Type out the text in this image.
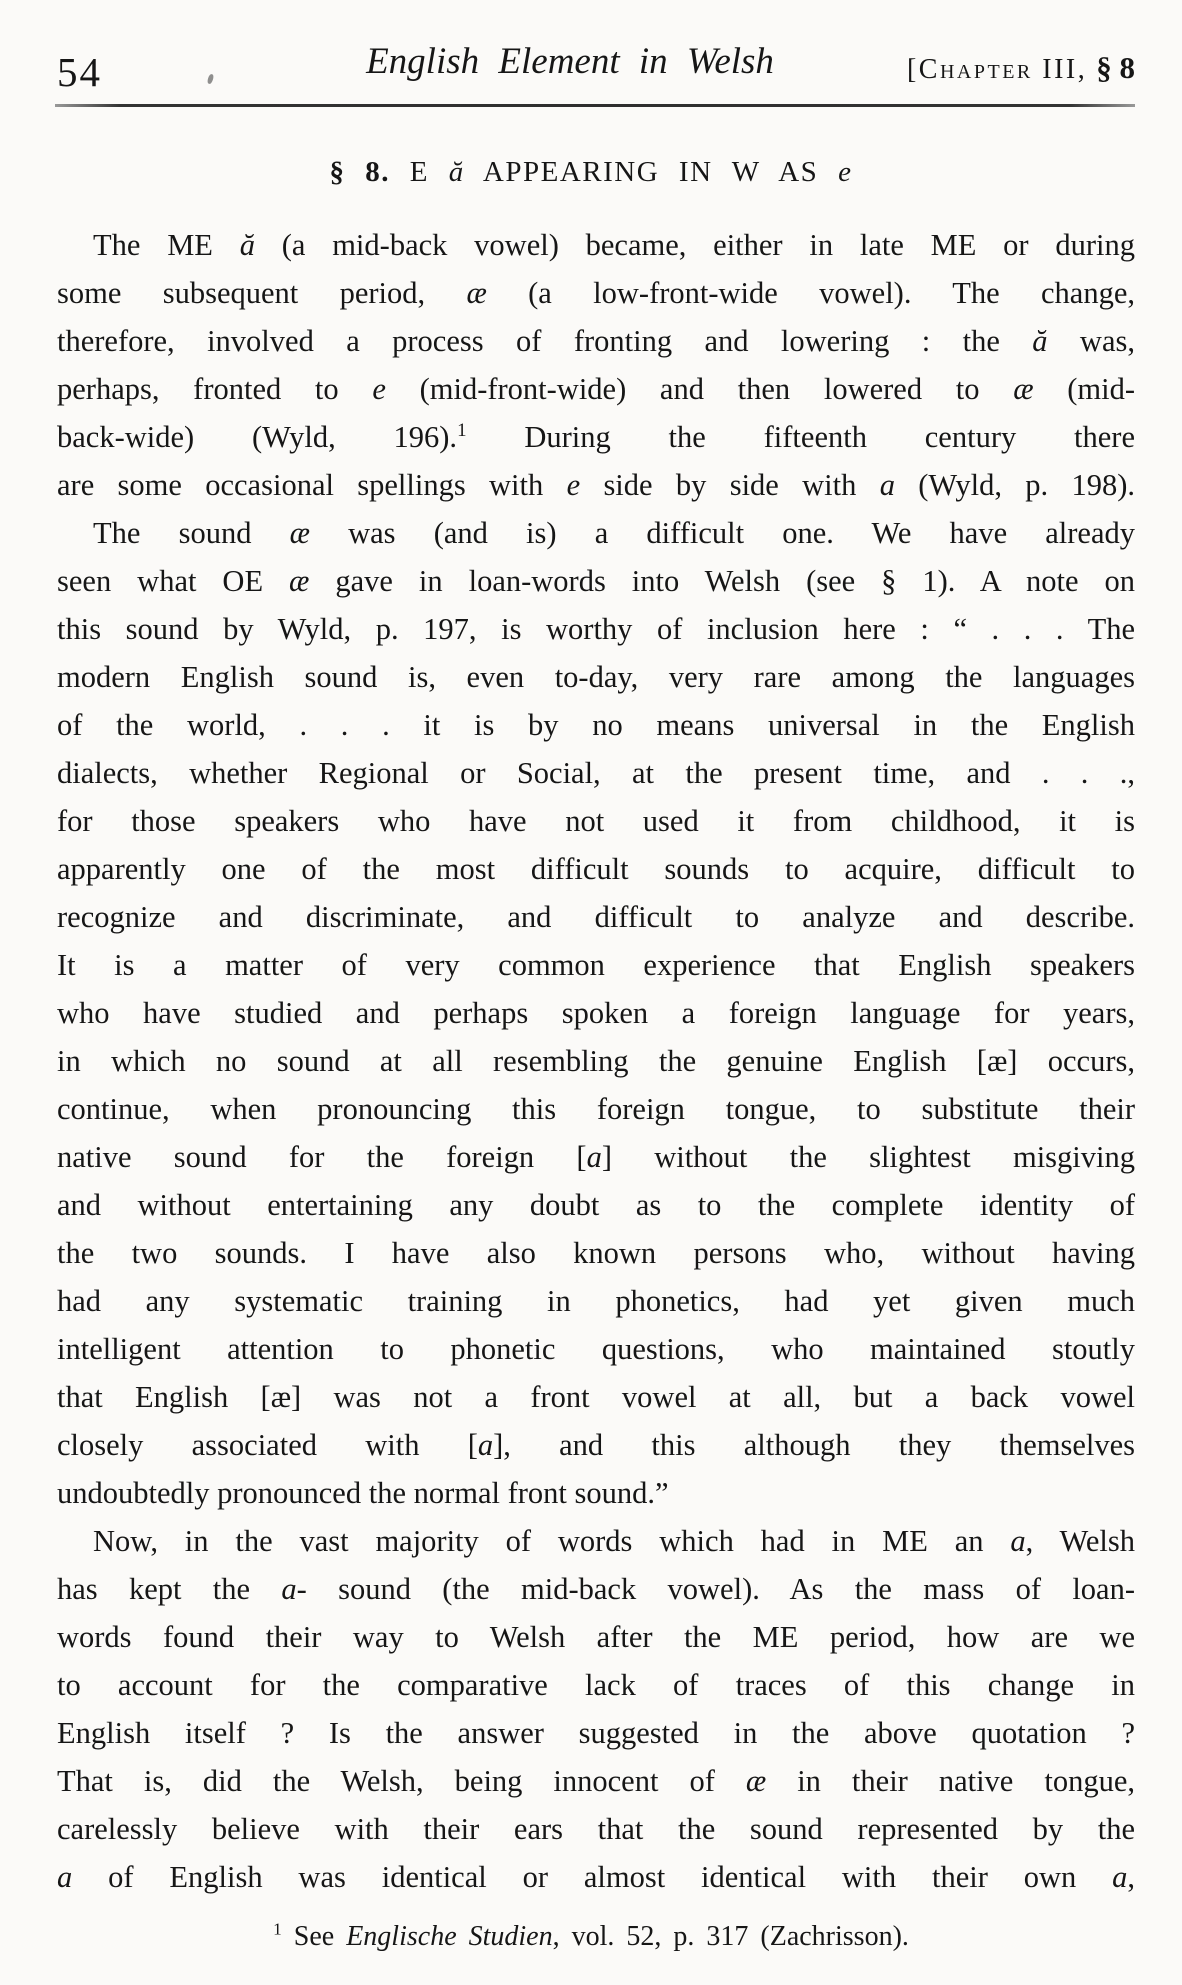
54	English Element in Welsh	[Chapter III, § 8
§ 8. E ă APPEARING IN W AS e
The ME ă (a mid-back vowel) became, either in late ME or during
some subsequent period, æ (a low-front-wide vowel). The change,
therefore, involved a process of fronting and lowering : the ă was,
perhaps, fronted to e (mid-front-wide) and then lowered to æ (mid-
back-wide) (Wyld, 196).$^1$ During the fifteenth century there
are some occasional spellings with e side by side with a (Wyld, p. 198).
The sound æ was (and is) a difficult one. We have already
seen what OE æ gave in loan-words into Welsh (see § 1). A note on
this sound by Wyld, p. 197, is worthy of inclusion here : “ . . . The
modern English sound is, even to-day, very rare among the languages
of the world, . . . it is by no means universal in the English
dialects, whether Regional or Social, at the present time, and . . .,
for those speakers who have not used it from childhood, it is
apparently one of the most difficult sounds to acquire, difficult to
recognize and discriminate, and difficult to analyze and describe.
It is a matter of very common experience that English speakers
who have studied and perhaps spoken a foreign language for years,
in which no sound at all resembling the genuine English [æ] occurs,
continue, when pronouncing this foreign tongue, to substitute their
native sound for the foreign [a] without the slightest misgiving
and without entertaining any doubt as to the complete identity of
the two sounds. I have also known persons who, without having
had any systematic training in phonetics, had yet given much
intelligent attention to phonetic questions, who maintained stoutly
that English [æ] was not a front vowel at all, but a back vowel
closely associated with [a], and this although they themselves
undoubtedly pronounced the normal front sound.”
Now, in the vast majority of words which had in ME an a, Welsh
has kept the a- sound (the mid-back vowel). As the mass of loan-
words found their way to Welsh after the ME period, how are we
to account for the comparative lack of traces of this change in
English itself ? Is the answer suggested in the above quotation ?
That is, did the Welsh, being innocent of æ in their native tongue,
carelessly believe with their ears that the sound represented by the
a of English was identical or almost identical with their own a,
$^1$ See Englische Studien, vol. 52, p. 317 (Zachrisson).
